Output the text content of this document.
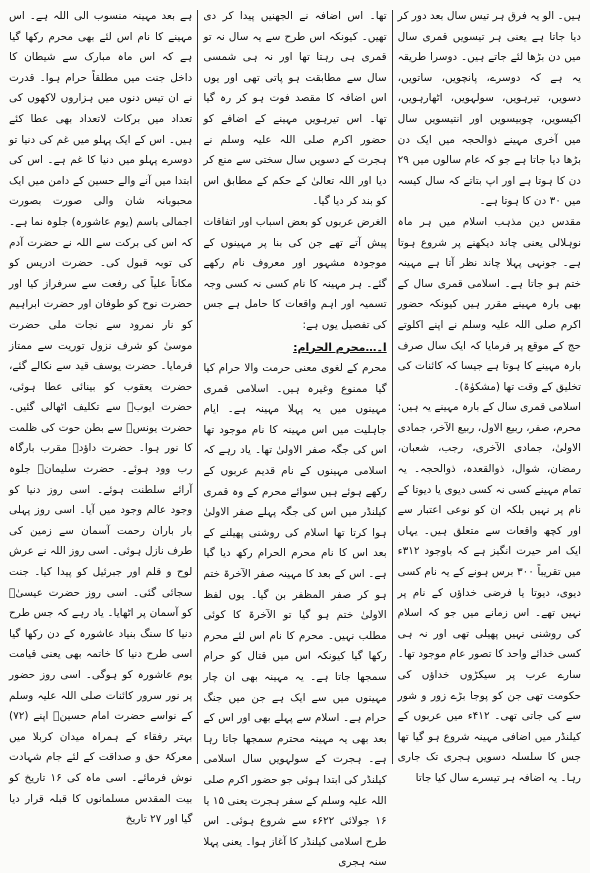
ہیں۔ الو یہ فرق ہر تیس سال بعد دور کر دیا جاتا ہے یعنی ہر تیسویں قمری سال میں دن بڑھا لئے جاتے ہیں۔ دوسرا طریقہ یہ ہے کہ دوسرے، پانچویں، ساتویں، دسویں، تیرہویں، سولہویں، اٹھارہویں، اکیسویں، چوبیسویں اور انتیسویں سال میں آخری مہینے ذوالحجہ میں ایک دن بڑھا دیا جاتا ہے جو کہ عام سالوں میں ۲۹ دن کا ہوتا ہے اور اپ بتاتے کہ سال کیسہ میں ۳۰ دن کا ہوتا ہے۔

مقدس دین مذہب اسلام میں ہر ماہ نوہلالی یعنی چاند دیکھنے پر شروع ہوتا ہے۔ جونہی پہلا چاند نظر آتا ہے مہینہ ختم ہو جاتا ہے۔ اسلامی قمری سال کے بھی بارہ مہینے مقرر ہیں کیونکہ حضور اکرم صلی اللہ علیہ وسلم نے اپنے اکلوتے حج کے موقع پر فرمایا کہ ایک سال صرف بارہ مہینے کا ہوتا ہے جیسا کہ کائنات کی تخلیق کے وقت تھا (مشکوٰۃ)۔

اسلامی قمری سال کے بارہ مہینے یہ ہیں: محرم، صفر، ربیع الاول، ربیع الآخر، جمادی الاولیٰ، جمادی الآخری، رجب، شعبان، رمضان، شوال، ذوالقعدہ، ذوالحجہ۔ یہ تمام مہینے کسی نہ کسی دیوی یا دیوتا کے نام پر نہیں بلکہ ان کو نوعی اعتبار سے اور کچھ واقعات سے متعلق ہیں۔ یہاں ایک امر حیرت انگیز ہے کہ باوجود ۳۱۲ء میں تقریباً ۳۰۰ برس ہونے کے یہ نام کسی دیوی، دیوتا یا فرضی خداؤں کے نام پر نہیں تھے۔ اس زمانے میں جو کہ اسلام کی روشنی نہیں پھیلی تھی اور نہ ہی کسی خدائے واحد کا تصور عام موجود تھا۔ سارے عرب پر سیکڑوں خداؤں کی حکومت تھی جن کو پوجا بڑے زور و شور سے کی جاتی تھی۔ ۴۱۲ء میں عربوں کے کیلنڈر میں اضافی مہینہ شروع ہو گیا تھا جس کا سلسلہ دسویں ہجری تک جاری رہا۔ یہ اضافہ ہر تیسرے سال کیا جاتا

تھا۔ اس اضافہ نے الجھنیں پیدا کر دی تھیں۔ کیونکہ اس طرح سے یہ سال نہ تو قمری ہی رہتا تھا اور نہ ہی شمسی سال سے مطابقت ہو پاتی تھی اور یوں اس اضافہ کا مقصد فوت ہو کر رہ گیا تھا۔ اس تیرہویں مہینے کے اضافے کو حضور اکرم صلی اللہ علیہ وسلم نے ہجرت کے دسویں سال سختی سے منع کر دیا اور اللہ تعالیٰ کے حکم کے مطابق اس کو بند کر دیا گیا۔

الغرض عربوں کو بعض اسباب اور اتفاقات پیش آتے تھے جن کی بنا پر مہینوں کے موجودہ مشہور اور معروف نام رکھے گئے۔ ہر مہینہ کا نام کسی نہ کسی وجہ تسمیہ اور اہم واقعات کا حامل ہے جس کی تفصیل یوں ہے:

ا۔…محرم الحرام:

محرم کے لغوی معنی حرمت والا حرام کیا گیا ممنوع وغیرہ ہیں۔ اسلامی قمری مہینوں میں یہ پہلا مہینہ ہے۔ ایام جاہلیت میں اس مہینہ کا نام موجود تھا اس کی جگہ صفر الاولیٰ تھا۔ یاد رہے کہ اسلامی مہینوں کے نام قدیم عربوں کے رکھے ہوئے ہیں سوائے محرم کے وہ قمری کیلنڈر میں اس کی جگہ پہلے صفر الاولیٰ ہوا کرتا تھا اسلام کی روشنی پھیلنے کے بعد اس کا نام محرم الحرام رکھ دیا گیا ہے۔ اس کے بعد کا مہینہ صفر الآخرۃ ختم ہو کر صفر المظفر بن گیا۔ یوں لفظ الاولیٰ ختم ہو گیا تو الآخرۃ کا کوئی مطلب نہیں۔ محرم کا نام اس لئے محرم رکھا گیا کیونکہ اس میں قتال کو حرام سمجھا جاتا ہے۔ یہ مہینہ بھی ان چار مہینوں میں سے ایک ہے جن میں جنگ حرام ہے۔ اسلام سے پہلے بھی اور اس کے بعد بھی یہ مہینہ محترم سمجھا جاتا رہا ہے۔ ہجرت کے سولہویں سال اسلامی کیلنڈر کی ابتدا ہوئی جو حضور اکرم صلی اللہ علیہ وسلم کے سفر ہجرت یعنی ۱۵ یا ۱۶ جولائی ۶۲۲ء سے شروع ہوئی۔ اس طرح اسلامی کیلنڈر کا آغاز ہوا۔ یعنی پہلا سنہ ہجری

ہے بعد مہینہ منسوب الی اللہ ہے۔ اس مہینے کا نام اس لئے بھی محرم رکھا گیا ہے کہ اس ماہ مبارک سے شیطان کا داخل جنت میں مطلقاً حرام ہوا۔ قدرت نے ان تیس دنوں میں ہزاروں لاکھوں کی تعداد میں برکات لاتعداد بھی عطا کئے ہیں۔ اس کے ایک پہلو میں غم کی دنیا تو دوسرے پہلو میں دنیا کا غم ہے۔ اس کی ابتدا میں آنے والے حسین کے دامن میں ایک محبوبانہ شان والی صورت بصورت اجمالی باسم (یوم عاشورہ) جلوہ نما ہے۔ کہ اس کی برکت سے اللہ نے حضرت آدم کی توبہ قبول کی۔ حضرت ادریس کو مکاناً علیاً کی رفعت سے سرفراز کیا اور حضرت نوح کو طوفان اور حضرت ابراہیم کو نار نمرود سے نجات ملی حضرت موسیٰ کو شرف نزول توریت سے ممتاز فرمایا۔ حضرت یوسف قید سے نکالے گئے، حضرت یعقوب کو بینائی عطا ہوئی، حضرت ایوبؑ سے تکلیف اٹھالی گئیں۔ حضرت یونسؑ سے بطن حوت کی ظلمت کا نور ہوا۔ حضرت داؤدؑ مقرب بارگاہ رب وود ہوئے۔ حضرت سلیمانؑ جلوہ آرائے سلطنت ہوئے۔ اسی روز دنیا کو وجود عالم وجود میں آیا۔ اسی روز پہلی بار باران رحمت آسمان سے زمین کی طرف نازل ہوئی۔ اسی روز اللہ نے عرش لوح و قلم اور جبرئیل کو پیدا کیا۔ جنت سجائی گئی۔ اسی روز حضرت عیسیٰؑ کو آسمان پر اٹھایا۔ یاد رہے کہ جس طرح دنیا کا سنگ بنیاد عاشورہ کے دن رکھا گیا اسی طرح دنیا کا خاتمہ بھی یعنی قیامت یوم عاشورہ کو ہوگی۔ اسی روز حضور پر نور سرور کائنات صلی اللہ علیہ وسلم کے نواسے حضرت امام حسینؑ اپنے (۷۲) بہتر رفقاء کے ہمراہ میدان کربلا میں معرکۂ حق و صداقت کے لئے جام شہادت نوش فرمائے۔ اسی ماہ کی ۱۶ تاریخ کو بیت المقدس مسلمانوں کا قبلہ قرار دیا گیا اور ۲۷ تاریخ
